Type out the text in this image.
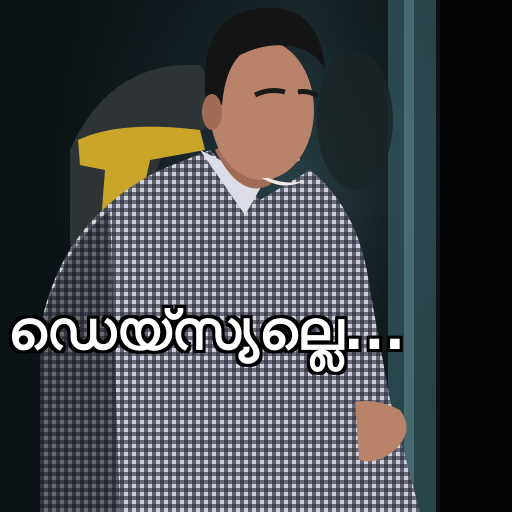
ഡെയ്സ്യല്ലെ...
